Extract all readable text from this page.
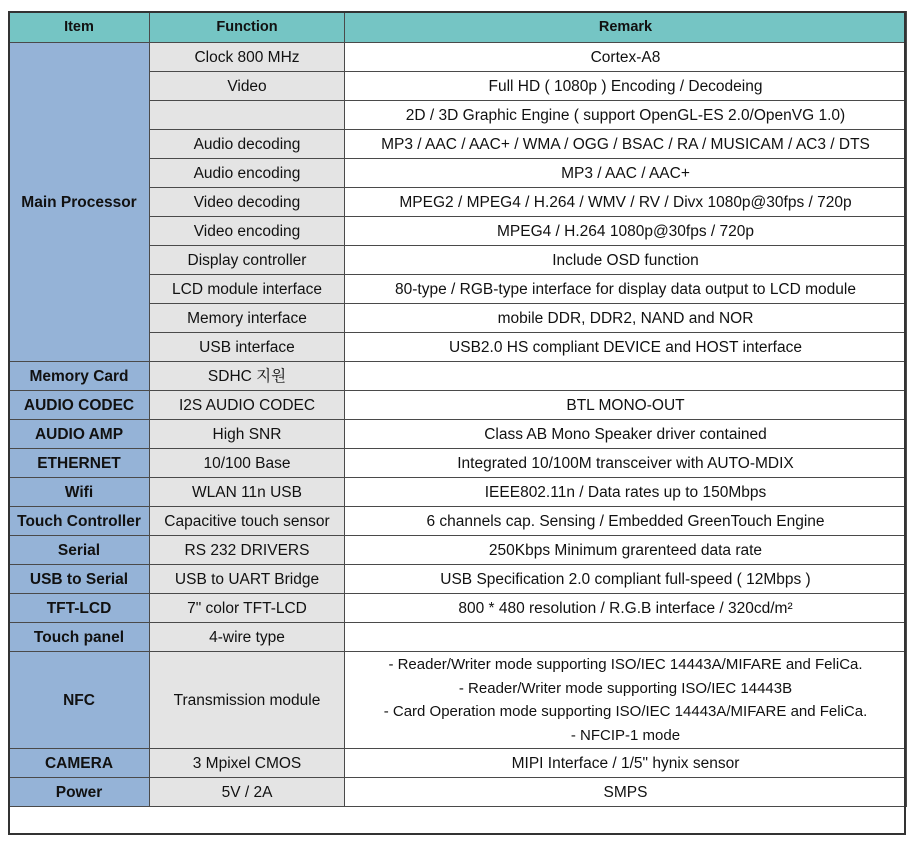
Item	Function	Remark
Main Processor	Clock 800 MHz	Cortex-A8
	Video	Full HD ( 1080p ) Encoding / Decodeing
		2D / 3D Graphic Engine ( support OpenGL-ES 2.0/OpenVG 1.0)
	Audio decoding	MP3 / AAC / AAC+ / WMA / OGG / BSAC / RA / MUSICAM / AC3 / DTS
	Audio encoding	MP3 / AAC / AAC+
	Video decoding	MPEG2 / MPEG4 / H.264 / WMV / RV / Divx 1080p@30fps / 720p
	Video encoding	MPEG4 / H.264 1080p@30fps / 720p
	Display controller	Include OSD function
	LCD module interface	80-type / RGB-type interface for display data output to LCD module
	Memory interface	mobile DDR, DDR2, NAND and NOR
	USB interface	USB2.0 HS compliant DEVICE and HOST interface
Memory Card	SDHC 지원	
AUDIO CODEC	I2S AUDIO CODEC	BTL MONO-OUT
AUDIO AMP	High SNR	Class AB Mono Speaker driver contained
ETHERNET	10/100 Base	Integrated 10/100M transceiver with AUTO-MDIX
Wifi	WLAN 11n USB	IEEE802.11n / Data rates up to 150Mbps
Touch Controller	Capacitive touch sensor	6 channels cap. Sensing / Embedded GreenTouch Engine
Serial	RS 232 DRIVERS	250Kbps Minimum grarenteed data rate
USB to Serial	USB to UART Bridge	USB Specification 2.0 compliant full-speed ( 12Mbps )
TFT-LCD	7" color TFT-LCD	800 * 480 resolution / R.G.B interface / 320cd/m²
Touch panel	4-wire type	
NFC	Transmission module	- Reader/Writer mode supporting ISO/IEC 14443A/MIFARE and FeliCa.
- Reader/Writer mode supporting ISO/IEC 14443B
- Card Operation mode supporting ISO/IEC 14443A/MIFARE and FeliCa.
- NFCIP-1 mode

CAMERA	3 Mpixel CMOS	MIPI Interface / 1/5" hynix sensor
Power	5V / 2A	SMPS
